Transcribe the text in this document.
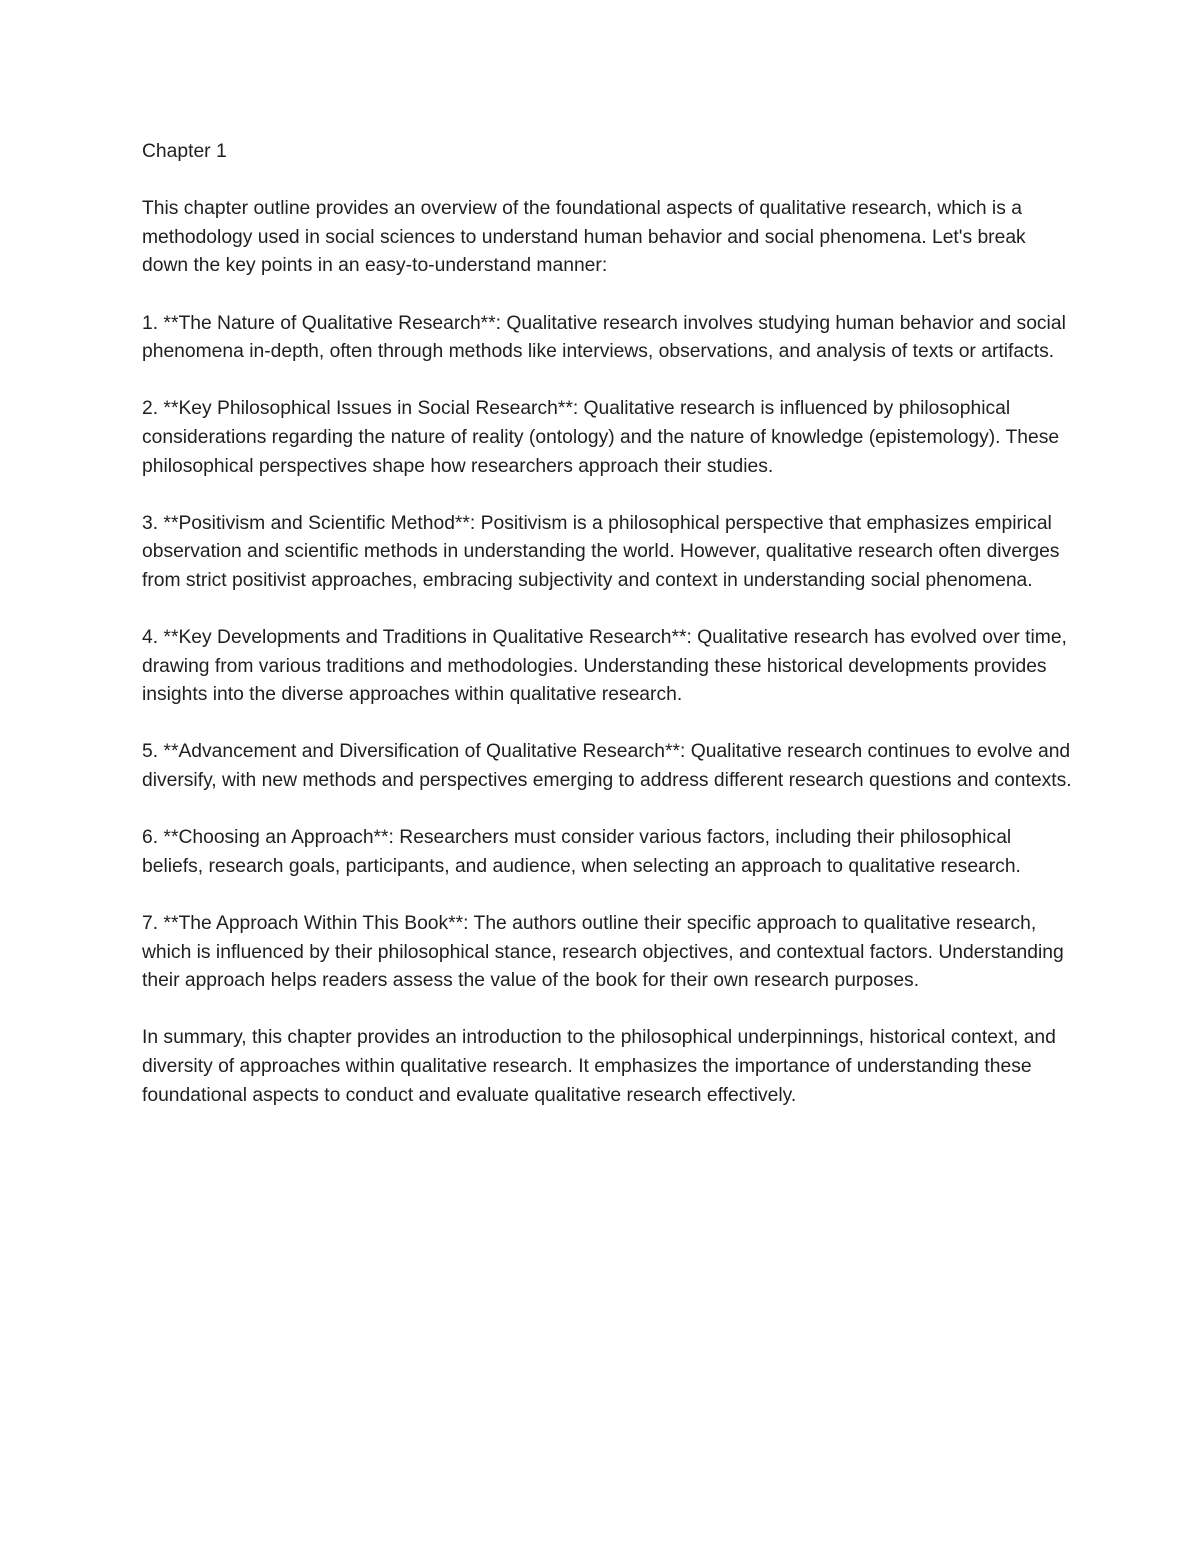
Chapter 1

This chapter outline provides an overview of the foundational aspects of qualitative research, which is a methodology used in social sciences to understand human behavior and social phenomena. Let's break down the key points in an easy-to-understand manner:

1. **The Nature of Qualitative Research**: Qualitative research involves studying human behavior and social phenomena in-depth, often through methods like interviews, observations, and analysis of texts or artifacts.

2. **Key Philosophical Issues in Social Research**: Qualitative research is influenced by philosophical considerations regarding the nature of reality (ontology) and the nature of knowledge (epistemology). These philosophical perspectives shape how researchers approach their studies.

3. **Positivism and Scientific Method**: Positivism is a philosophical perspective that emphasizes empirical observation and scientific methods in understanding the world. However, qualitative research often diverges from strict positivist approaches, embracing subjectivity and context in understanding social phenomena.

4. **Key Developments and Traditions in Qualitative Research**: Qualitative research has evolved over time, drawing from various traditions and methodologies. Understanding these historical developments provides insights into the diverse approaches within qualitative research.

5. **Advancement and Diversification of Qualitative Research**: Qualitative research continues to evolve and diversify, with new methods and perspectives emerging to address different research questions and contexts.

6. **Choosing an Approach**: Researchers must consider various factors, including their philosophical beliefs, research goals, participants, and audience, when selecting an approach to qualitative research.

7. **The Approach Within This Book**: The authors outline their specific approach to qualitative research, which is influenced by their philosophical stance, research objectives, and contextual factors. Understanding their approach helps readers assess the value of the book for their own research purposes.

In summary, this chapter provides an introduction to the philosophical underpinnings, historical context, and diversity of approaches within qualitative research. It emphasizes the importance of understanding these foundational aspects to conduct and evaluate qualitative research effectively.
